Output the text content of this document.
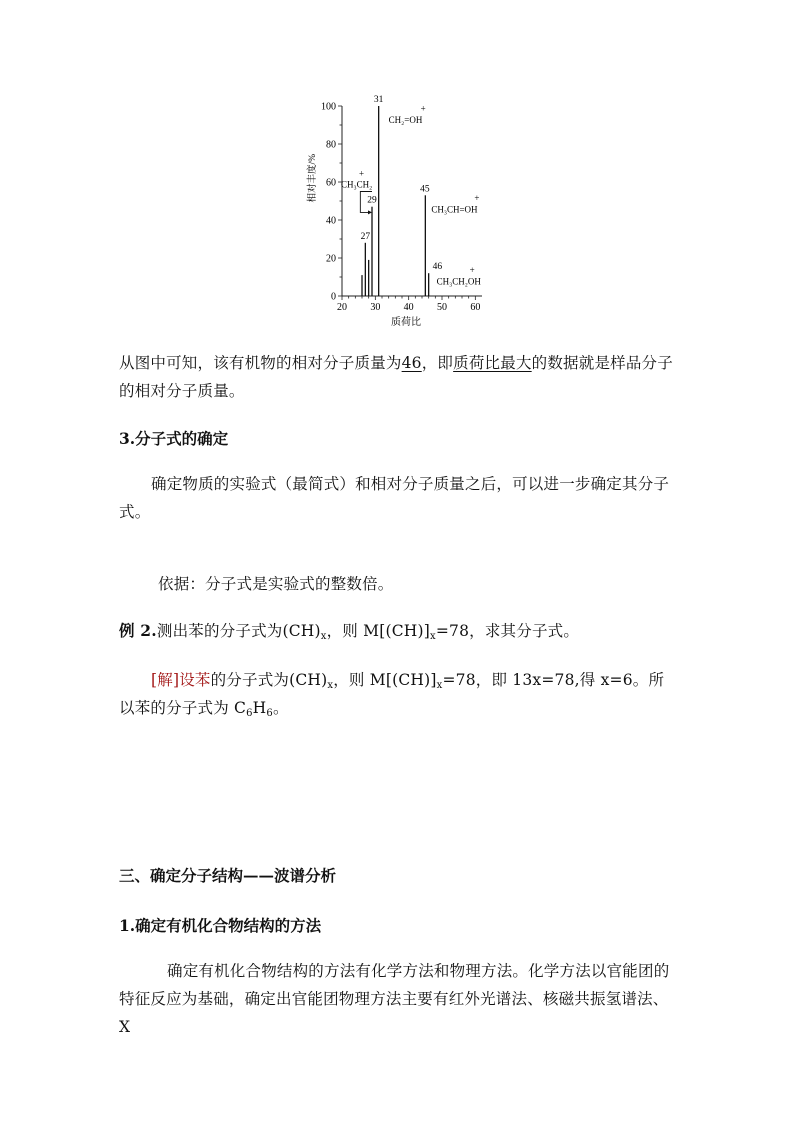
20 30 40 50 60
0
20
40
60
80
100
质荷比
相对丰度/%
27
29
31
45
46
CH₂=OH
+
CH₃CH₂
+
CH₃CH=OH
+
CH₃CH₂OH
+

从图中可知，该有机物的相对分子质量为46，即质荷比最大的数据就是样品分子的相对分子质量。

3.分子式的确定

确定物质的实验式（最简式）和相对分子质量之后，可以进一步确定其分子式。

依据：分子式是实验式的整数倍。

例 2.测出苯的分子式为$(CH)_x$，则 $M[(CH)]_x=78$，求其分子式。

[解]设苯的分子式为$(CH)_x$，则 $M[(CH)]_x=78$，即 13x=78,得 x=6。所以苯的分子式为 $C_6H_6$。

三、确定分子结构——波谱分析

1.确定有机化合物结构的方法

确定有机化合物结构的方法有化学方法和物理方法。化学方法以官能团的特征反应为基础，确定出官能团物理方法主要有红外光谱法、核磁共振氢谱法、X
